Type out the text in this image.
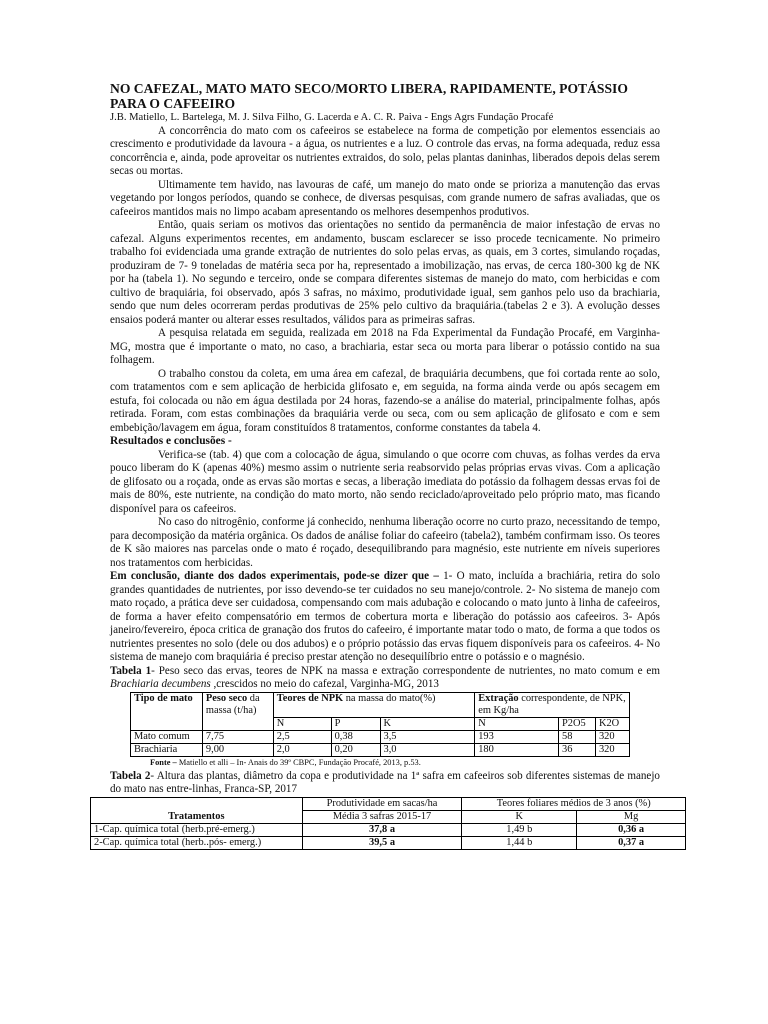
NO CAFEZAL, MATO MATO SECO/MORTO LIBERA, RAPIDAMENTE, POTÁSSIO PARA O CAFEEIRO

J.B. Matiello, L. Bartelega, M. J. Silva Filho, G. Lacerda e A. C. R. Paiva - Engs Agrs Fundação Procafé

A concorrência do mato com os cafeeiros se estabelece na forma de competição por elementos essenciais ao crescimento e produtividade da lavoura - a água, os nutrientes e a luz. O controle das ervas, na forma adequada, reduz essa concorrência e, ainda, pode aproveitar os nutrientes extraidos, do solo, pelas plantas daninhas, liberados depois delas serem secas ou mortas.

Ultimamente tem havido, nas lavouras de café, um manejo do mato onde se prioriza a manutenção das ervas vegetando por longos períodos, quando se conhece, de diversas pesquisas, com grande numero de safras avaliadas, que os cafeeiros mantidos mais no limpo acabam apresentando os melhores desempenhos produtivos.

Então, quais seriam os motivos das orientações no sentido da permanência de maior infestação de ervas no cafezal. Alguns experimentos recentes, em andamento, buscam esclarecer se isso procede tecnicamente. No primeiro trabalho foi evidenciada uma grande extração de nutrientes do solo pelas ervas, as quais, em 3 cortes, simulando roçadas, produziram de 7- 9 toneladas de matéria seca por ha, representado a imobilização, nas ervas, de cerca 180-300 kg de NK por ha (tabela 1). No segundo e terceiro, onde se compara diferentes sistemas de manejo do mato, com herbicidas e com cultivo de braquiária, foi observado, após 3 safras, no máximo, produtividade igual, sem ganhos pelo uso da brachiaria, sendo que num deles ocorreram perdas produtivas de 25% pelo cultivo da braquiária.(tabelas 2 e 3). A evolução desses ensaios poderá manter ou alterar esses resultados, válidos para as primeiras safras.

A pesquisa relatada em seguida, realizada em 2018 na Fda Experimental da Fundação Procafé, em Varginha-MG, mostra que é importante o mato, no caso, a brachiaria, estar seca ou morta para liberar o potássio contido na sua folhagem.

O trabalho constou da coleta, em uma área em cafezal, de braquiária decumbens, que foi cortada rente ao solo, com tratamentos com e sem aplicação de herbicida glifosato e, em seguida, na forma ainda verde ou após secagem em estufa, foi colocada ou não em água destilada por 24 horas, fazendo-se a análise do material, principalmente folhas, após retirada. Foram, com estas combinações da braquiária verde ou seca, com ou sem aplicação de glifosato e com e sem embebição/lavagem em água, foram constituídos 8 tratamentos, conforme constantes da tabela 4.

Resultados e conclusões -

Verifica-se (tab. 4) que com a colocação de água, simulando o que ocorre com chuvas, as folhas verdes da erva pouco liberam do K (apenas 40%) mesmo assim o nutriente seria reabsorvido pelas próprias ervas vivas. Com a aplicação de glifosato ou a roçada, onde as ervas são mortas e secas, a liberação imediata do potássio da folhagem dessas ervas foi de mais de 80%, este nutriente, na condição do mato morto, não sendo reciclado/aproveitado pelo próprio mato, mas ficando disponível para os cafeeiros.

No caso do nitrogênio, conforme já conhecido, nenhuma liberação ocorre no curto prazo, necessitando de tempo, para decomposição da matéria orgânica. Os dados de análise foliar do cafeeiro (tabela2), também confirmam isso. Os teores de K são maiores nas parcelas onde o mato é roçado, desequilibrando para magnésio, este nutriente em níveis superiores nos tratamentos com herbicidas.

Em conclusão, diante dos dados experimentais, pode-se dizer que – 1- O mato, incluída a brachiária, retira do solo grandes quantidades de nutrientes, por isso devendo-se ter cuidados no seu manejo/controle. 2- No sistema de manejo com mato roçado, a prática deve ser cuidadosa, compensando com mais adubação e colocando o mato junto à linha de cafeeiros, de forma a haver efeito compensatório em termos de cobertura morta e liberação do potássio aos cafeeiros. 3- Após janeiro/fevereiro, época critica de granação dos frutos do cafeeiro, é importante matar todo o mato, de forma a que todos os nutrientes presentes no solo (dele ou dos adubos) e o próprio potássio das ervas fiquem disponíveis para os cafeeiros. 4- No sistema de manejo com braquiária é preciso prestar atenção no desequilíbrio entre o potássio e o magnésio.

Tabela 1- Peso seco das ervas, teores de NPK na massa e extração correspondente de nutrientes, no mato comum e em Brachiaria decumbens ,crescidos no meio do cafezal, Varginha-MG, 2013

Tipo de mato	Peso seco da massa (t/ha)	Teores de NPK na massa do mato(%)			Extração correspondente, de NPK, em Kg/ha		
		N	P	K	N	P2O5	K2O
Mato comum	7,75	2,5	0,38	3,5	193	58	320
Brachiaria	9,00	2,0	0,20	3,0	180	36	320

Fonte – Matiello et alli – In- Anais do 39º CBPC, Fundação Procafé, 2013, p.53.

Tabela 2- Altura das plantas, diâmetro da copa e produtividade na 1ª safra em cafeeiros sob diferentes sistemas de manejo do mato nas entre-linhas, Franca-SP, 2017

Tratamentos	Produtividade em sacas/ha	Teores foliares médios de 3 anos (%)	
	Média 3 safras 2015-17	K	Mg
1-Cap. química total (herb.pré-emerg.)	37,8 a	1,49 b	0,36 a
2-Cap. química total (herb..pós- emerg.)	39,5 a	1,44 b	0,37 a
